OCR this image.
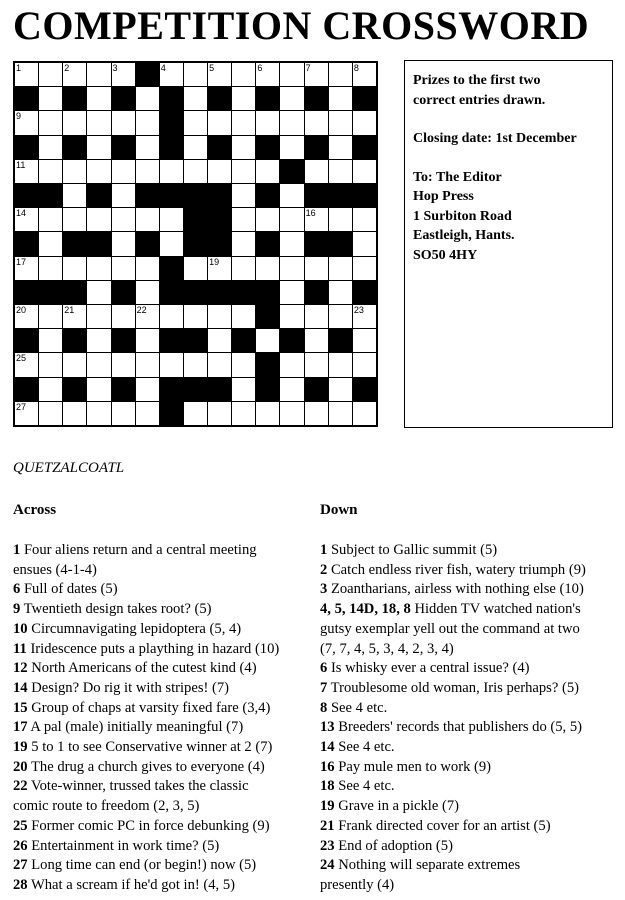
COMPETITION CROSSWORD
1	2	3	4	5	6	7	8
9	10
11	12
13
14	15	16
17	18	19
20	21	22	23
24
25	26
27	28

Prizes to the first two

correct entries drawn.

Closing date: 1st December

To: The Editor

Hop Press

1 Surbiton Road

Eastleigh, Hants.

SO50 4HY

QUETZALCOATL
Across	Down

1 Four aliens return and a central meeting

ensues (4-1-4)

6 Full of dates (5)

9 Twentieth design takes root? (5)

10 Circumnavigating lepidoptera (5, 4)

11 Iridescence puts a plaything in hazard (10)

12 North Americans of the cutest kind (4)

14 Design? Do rig it with stripes! (7)

15 Group of chaps at varsity fixed fare (3,4)

17 A pal (male) initially meaningful (7)

19 5 to 1 to see Conservative winner at 2 (7)

20 The drug a church gives to everyone (4)

22 Vote-winner, trussed takes the classic

comic route to freedom (2, 3, 5)

25 Former comic PC in force debunking (9)

26 Entertainment in work time? (5)

27 Long time can end (or begin!) now (5)

28 What a scream if he'd got in! (4, 5)

1 Subject to Gallic summit (5)

2 Catch endless river fish, watery triumph (9)

3 Zoantharians, airless with nothing else (10)

4, 5, 14D, 18, 8 Hidden TV watched nation's

gutsy exemplar yell out the command at two

(7, 7, 4, 5, 3, 4, 2, 3, 4)

6 Is whisky ever a central issue? (4)

7 Troublesome old woman, Iris perhaps? (5)

8 See 4 etc.

13 Breeders' records that publishers do (5, 5)

14 See 4 etc.

16 Pay mule men to work (9)

18 See 4 etc.

19 Grave in a pickle (7)

21 Frank directed cover for an artist (5)

23 End of adoption (5)

24 Nothing will separate extremes

presently (4)
